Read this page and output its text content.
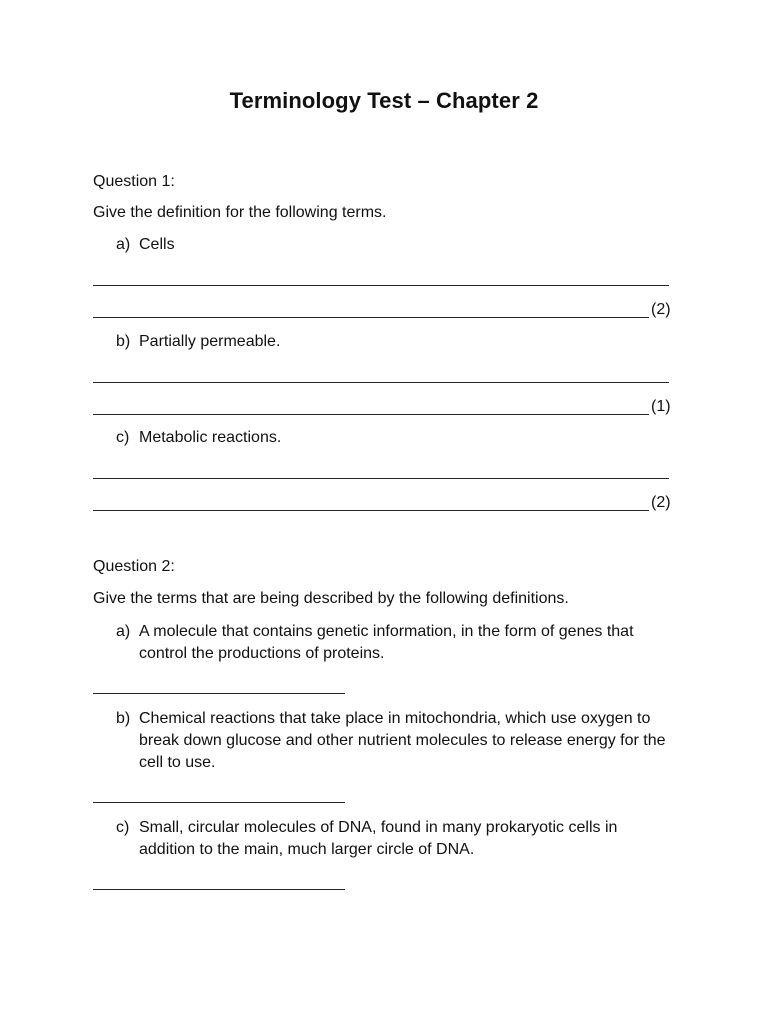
Terminology Test – Chapter 2
Question 1:
Give the definition for the following terms.
a) Cells
(2)
b) Partially permeable.
(1)
c) Metabolic reactions.
(2)
Question 2:
Give the terms that are being described by the following definitions.
a) A molecule that contains genetic information, in the form of genes that control the productions of proteins.
b) Chemical reactions that take place in mitochondria, which use oxygen to break down glucose and other nutrient molecules to release energy for the cell to use.
c) Small, circular molecules of DNA, found in many prokaryotic cells in addition to the main, much larger circle of DNA.
